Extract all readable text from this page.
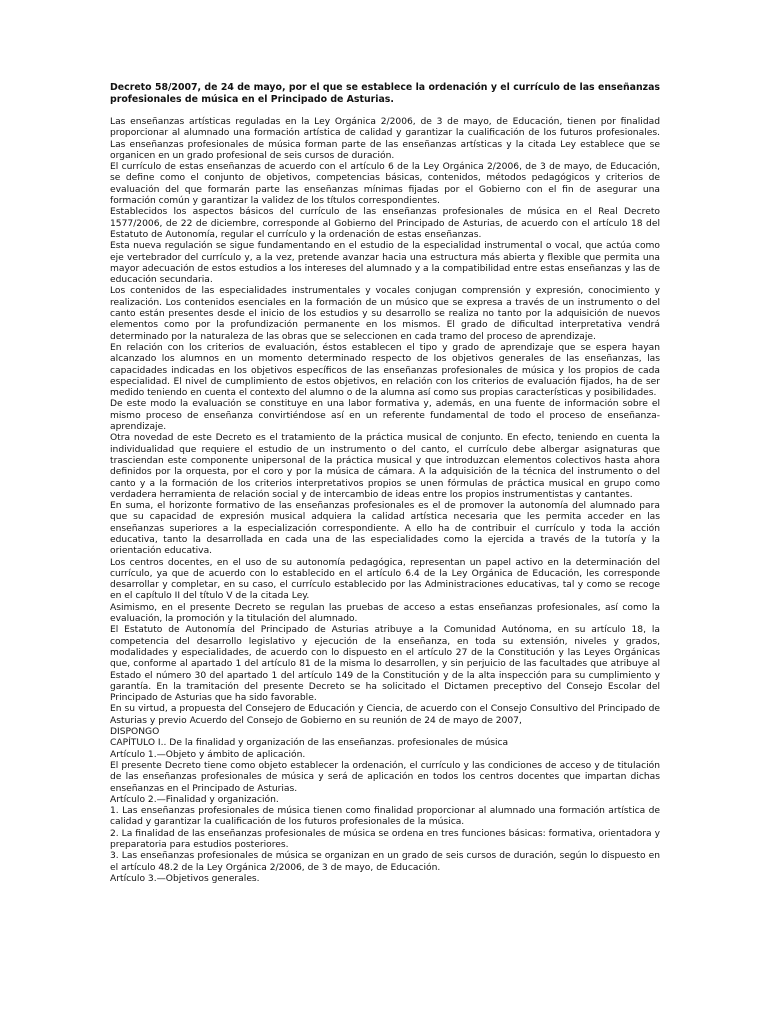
Decreto 58/2007, de 24 de mayo, por el que se establece la ordenación y el currículo de las enseñanzas profesionales de música en el Principado de Asturias.

Las enseñanzas artísticas reguladas en la Ley Orgánica 2/2006, de 3 de mayo, de Educación, tienen por finalidad proporcionar al alumnado una formación artística de calidad y garantizar la cualificación de los futuros profesionales. Las enseñanzas profesionales de música forman parte de las enseñanzas artísticas y la citada Ley establece que se organicen en un grado profesional de seis cursos de duración.

El currículo de estas enseñanzas de acuerdo con el artículo 6 de la Ley Orgánica 2/2006, de 3 de mayo, de Educación, se define como el conjunto de objetivos, competencias básicas, contenidos, métodos pedagógicos y criterios de evaluación del que formarán parte las enseñanzas mínimas fijadas por el Gobierno con el fin de asegurar una formación común y garantizar la validez de los títulos correspondientes.

Establecidos los aspectos básicos del currículo de las enseñanzas profesionales de música en el Real Decreto 1577/2006, de 22 de diciembre, corresponde al Gobierno del Principado de Asturias, de acuerdo con el artículo 18 del Estatuto de Autonomía, regular el currículo y la ordenación de estas enseñanzas.

Esta nueva regulación se sigue fundamentando en el estudio de la especialidad instrumental o vocal, que actúa como eje vertebrador del currículo y, a la vez, pretende avanzar hacia una estructura más abierta y flexible que permita una mayor adecuación de estos estudios a los intereses del alumnado y a la compatibilidad entre estas enseñanzas y las de educación secundaria.

Los contenidos de las especialidades instrumentales y vocales conjugan comprensión y expresión, conocimiento y realización. Los contenidos esenciales en la formación de un músico que se expresa a través de un instrumento o del canto están presentes desde el inicio de los estudios y su desarrollo se realiza no tanto por la adquisición de nuevos elementos como por la profundización permanente en los mismos. El grado de dificultad interpretativa vendrá determinado por la naturaleza de las obras que se seleccionen en cada tramo del proceso de aprendizaje.

En relación con los criterios de evaluación, éstos establecen el tipo y grado de aprendizaje que se espera hayan alcanzado los alumnos en un momento determinado respecto de los objetivos generales de las enseñanzas, las capacidades indicadas en los objetivos específicos de las enseñanzas profesionales de música y los propios de cada especialidad. El nivel de cumplimiento de estos objetivos, en relación con los criterios de evaluación fijados, ha de ser medido teniendo en cuenta el contexto del alumno o de la alumna así como sus propias características y posibilidades.

De este modo la evaluación se constituye en una labor formativa y, además, en una fuente de información sobre el mismo proceso de enseñanza convirtiéndose así en un referente fundamental de todo el proceso de enseñanza-aprendizaje.

Otra novedad de este Decreto es el tratamiento de la práctica musical de conjunto. En efecto, teniendo en cuenta la individualidad que requiere el estudio de un instrumento o del canto, el currículo debe albergar asignaturas que trasciendan este componente unipersonal de la práctica musical y que introduzcan elementos colectivos hasta ahora definidos por la orquesta, por el coro y por la música de cámara. A la adquisición de la técnica del instrumento o del canto y a la formación de los criterios interpretativos propios se unen fórmulas de práctica musical en grupo como verdadera herramienta de relación social y de intercambio de ideas entre los propios instrumentistas y cantantes.

En suma, el horizonte formativo de las enseñanzas profesionales es el de promover la autonomía del alumnado para que su capacidad de expresión musical adquiera la calidad artística necesaria que les permita acceder en las enseñanzas superiores a la especialización correspondiente. A ello ha de contribuir el currículo y toda la acción educativa, tanto la desarrollada en cada una de las especialidades como la ejercida a través de la tutoría y la orientación educativa.

Los centros docentes, en el uso de su autonomía pedagógica, representan un papel activo en la determinación del currículo, ya que de acuerdo con lo establecido en el artículo 6.4 de la Ley Orgánica de Educación, les corresponde desarrollar y completar, en su caso, el currículo establecido por las Administraciones educativas, tal y como se recoge en el capítulo II del título V de la citada Ley.

Asimismo, en el presente Decreto se regulan las pruebas de acceso a estas enseñanzas profesionales, así como la evaluación, la promoción y la titulación del alumnado.

El Estatuto de Autonomía del Principado de Asturias atribuye a la Comunidad Autónoma, en su artículo 18, la competencia del desarrollo legislativo y ejecución de la enseñanza, en toda su extensión, niveles y grados, modalidades y especialidades, de acuerdo con lo dispuesto en el artículo 27 de la Constitución y las Leyes Orgánicas que, conforme al apartado 1 del artículo 81 de la misma lo desarrollen, y sin perjuicio de las facultades que atribuye al Estado el número 30 del apartado 1 del artículo 149 de la Constitución y de la alta inspección para su cumplimiento y garantía. En la tramitación del presente Decreto se ha solicitado el Dictamen preceptivo del Consejo Escolar del Principado de Asturias que ha sido favorable.

En su virtud, a propuesta del Consejero de Educación y Ciencia, de acuerdo con el Consejo Consultivo del Principado de Asturias y previo Acuerdo del Consejo de Gobierno en su reunión de 24 de mayo de 2007,

DISPONGO

CAPÍTULO I.. De la finalidad y organización de las enseñanzas. profesionales de música

Artículo 1.—Objeto y ámbito de aplicación.

El presente Decreto tiene como objeto establecer la ordenación, el currículo y las condiciones de acceso y de titulación de las enseñanzas profesionales de música y será de aplicación en todos los centros docentes que impartan dichas enseñanzas en el Principado de Asturias.

Artículo 2.—Finalidad y organización.

1. Las enseñanzas profesionales de música tienen como finalidad proporcionar al alumnado una formación artística de calidad y garantizar la cualificación de los futuros profesionales de la música.

2. La finalidad de las enseñanzas profesionales de música se ordena en tres funciones básicas: formativa, orientadora y preparatoria para estudios posteriores.

3. Las enseñanzas profesionales de música se organizan en un grado de seis cursos de duración, según lo dispuesto en el artículo 48.2 de la Ley Orgánica 2/2006, de 3 de mayo, de Educación.

Artículo 3.—Objetivos generales.
